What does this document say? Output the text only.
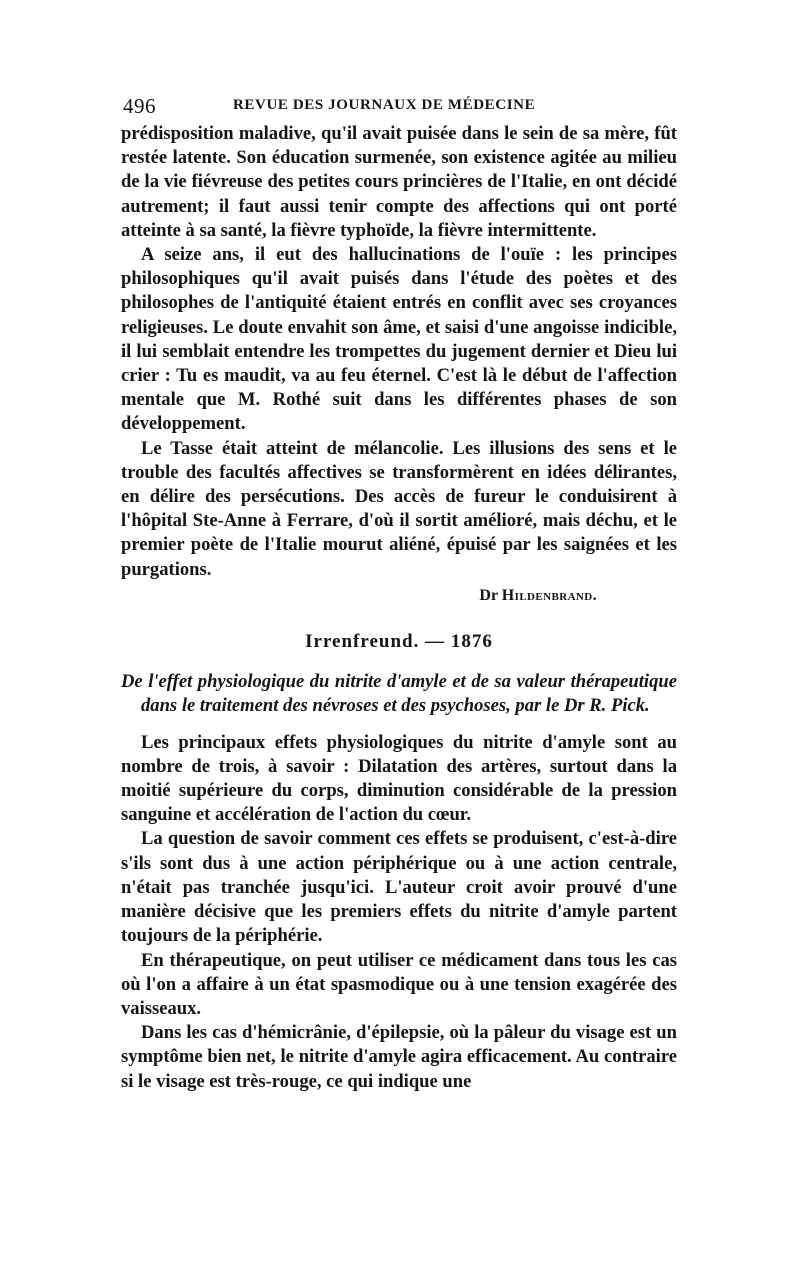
496	REVUE DES JOURNAUX DE MÉDECINE

prédisposition maladive, qu'il avait puisée dans le sein de sa mère, fût restée latente. Son éducation surmenée, son existence agitée au milieu de la vie fiévreuse des petites cours princières de l'Italie, en ont décidé autrement; il faut aussi tenir compte des affections qui ont porté atteinte à sa santé, la fièvre typhoïde, la fièvre intermittente.

A seize ans, il eut des hallucinations de l'ouïe : les principes philosophiques qu'il avait puisés dans l'étude des poètes et des philosophes de l'antiquité étaient entrés en conflit avec ses croyances religieuses. Le doute envahit son âme, et saisi d'une angoisse indicible, il lui semblait entendre les trompettes du jugement dernier et Dieu lui crier : Tu es maudit, va au feu éternel. C'est là le début de l'affection mentale que M. Rothé suit dans les différentes phases de son développement.

Le Tasse était atteint de mélancolie. Les illusions des sens et le trouble des facultés affectives se transformèrent en idées délirantes, en délire des persécutions. Des accès de fureur le conduisirent à l'hôpital Ste-Anne à Ferrare, d'où il sortit amélioré, mais déchu, et le premier poète de l'Italie mourut aliéné, épuisé par les saignées et les purgations.

Dr Hildenbrand.
Irrenfreund. — 1876

De l'effet physiologique du nitrite d'amyle et de sa valeur thérapeutique dans le traitement des névroses et des psychoses, par le Dr R. Pick.

Les principaux effets physiologiques du nitrite d'amyle sont au nombre de trois, à savoir : Dilatation des artères, surtout dans la moitié supérieure du corps, diminution considérable de la pression sanguine et accélération de l'action du cœur.

La question de savoir comment ces effets se produisent, c'est-à-dire s'ils sont dus à une action périphérique ou à une action centrale, n'était pas tranchée jusqu'ici. L'auteur croit avoir prouvé d'une manière décisive que les premiers effets du nitrite d'amyle partent toujours de la périphérie.

En thérapeutique, on peut utiliser ce médicament dans tous les cas où l'on a affaire à un état spasmodique ou à une tension exagérée des vaisseaux.

Dans les cas d'hémicrânie, d'épilepsie, où la pâleur du visage est un symptôme bien net, le nitrite d'amyle agira efficacement. Au contraire si le visage est très-rouge, ce qui indique une
